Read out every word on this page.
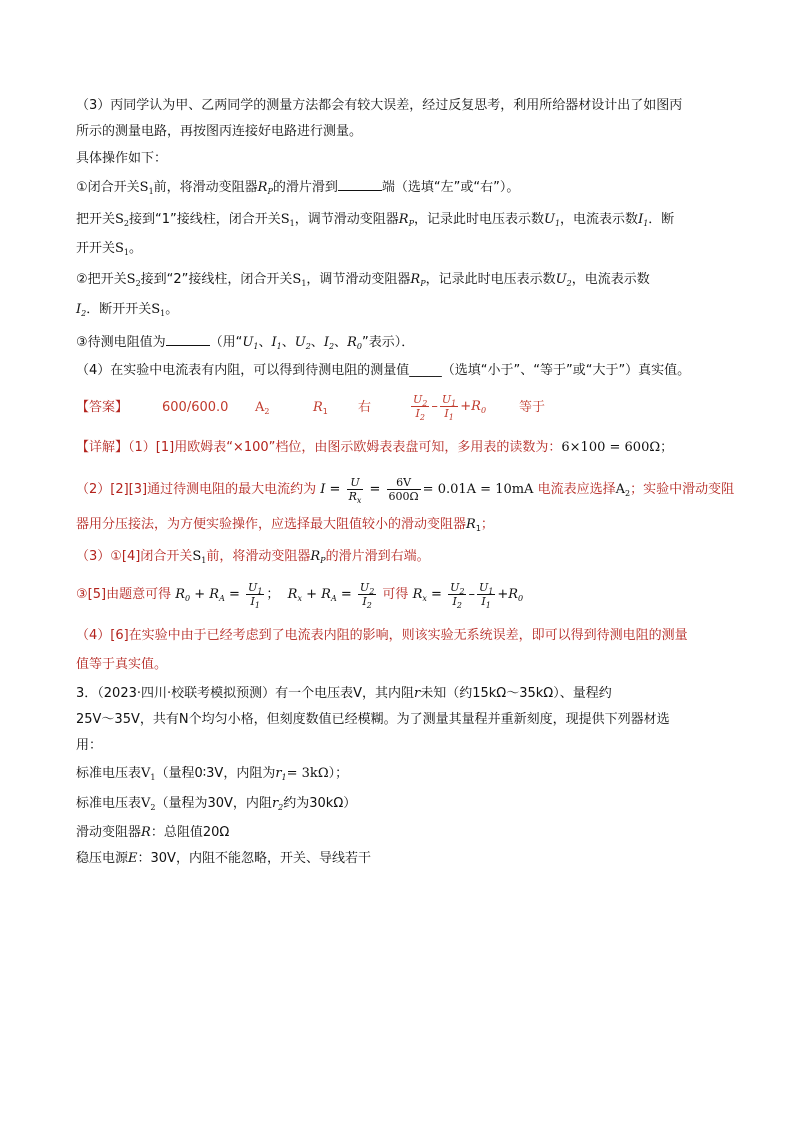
（3）丙同学认为甲、乙两同学的测量方法都会有较大误差，经过反复思考，利用所给器材设计出了如图丙
所示的测量电路，再按图丙连接好电路进行测量。
具体操作如下：
①闭合开关$S_1$前，将滑动变阻器$R_P$的滑片滑到	端（选填“左”或“右”）。
把开关$S_2$接到“1”接线柱，闭合开关$S_1$，调节滑动变阻器$R_P$，记录此时电压表示数$U_1$，电流表示数$I_1$．断
开开关$S_1$。
②把开关$S_2$接到“2”接线柱，闭合开关$S_1$，调节滑动变阻器$R_P$，记录此时电压表示数$U_2$，电流表示数
$I_2$．断开开关$S_1$。
③待测电阻值为	（用“$U_1$、$I_1$、$U_2$、$I_2$、$R_0$”表示）．
（4）在实验中电流表有内阻，可以得到待测电阻的测量值_____（选填“小于”、“等于”或“大于”）真实值。
【答案】	600/600.0 $A_2$	$R_1$ 右	$\frac{U_2}{I_2} - \frac{U_1}{I_1} +R_0$	等于
【详解】（1）[1]用欧姆表“×100”档位，由图示欧姆表表盘可知，多用表的读数为：6×100 = 600Ω；
（2）[2][3]通过待测电阻的最大电流约为 $I = \frac{U}{R_x} = \frac{6V}{600\Omega} = 0.01A = 10mA$ 电流表应选择$A_2$；实验中滑动变阻
器用分压接法，为方便实验操作，应选择最大阻值较小的滑动变阻器$R_1$；
（3）①[4]闭合开关$S_1$前，将滑动变阻器$R_P$的滑片滑到右端。
③[5]由题意可得 $R_0 + R_A = \frac{U_1}{I_1}$ ；  $R_x + R_A = \frac{U_2}{I_2}$ 可得 $R_x = \frac{U_2}{I_2} - \frac{U_1}{I_1} +R_0$
（4）[6]在实验中由于已经考虑到了电流表内阻的影响，则该实验无系统误差，即可以得到待测电阻的测量
值等于真实值。
3．（2023·四川·校联考模拟预测）有一个电压表V，其内阻r未知（约15kΩ～35kΩ）、量程约
25V～35V，共有N个均匀小格，但刻度数值已经模糊。为了测量其量程并重新刻度，现提供下列器材选
用：
标准电压表$V_1$（量程0∶3V，内阻为$r_1= 3k\Omega$）；
标准电压表$V_2$（量程为30V，内阻$r_2$约为30kΩ）
滑动变阻器R：总阻值20Ω
稳压电源E：30V，内阻不能忽略，开关、导线若干
